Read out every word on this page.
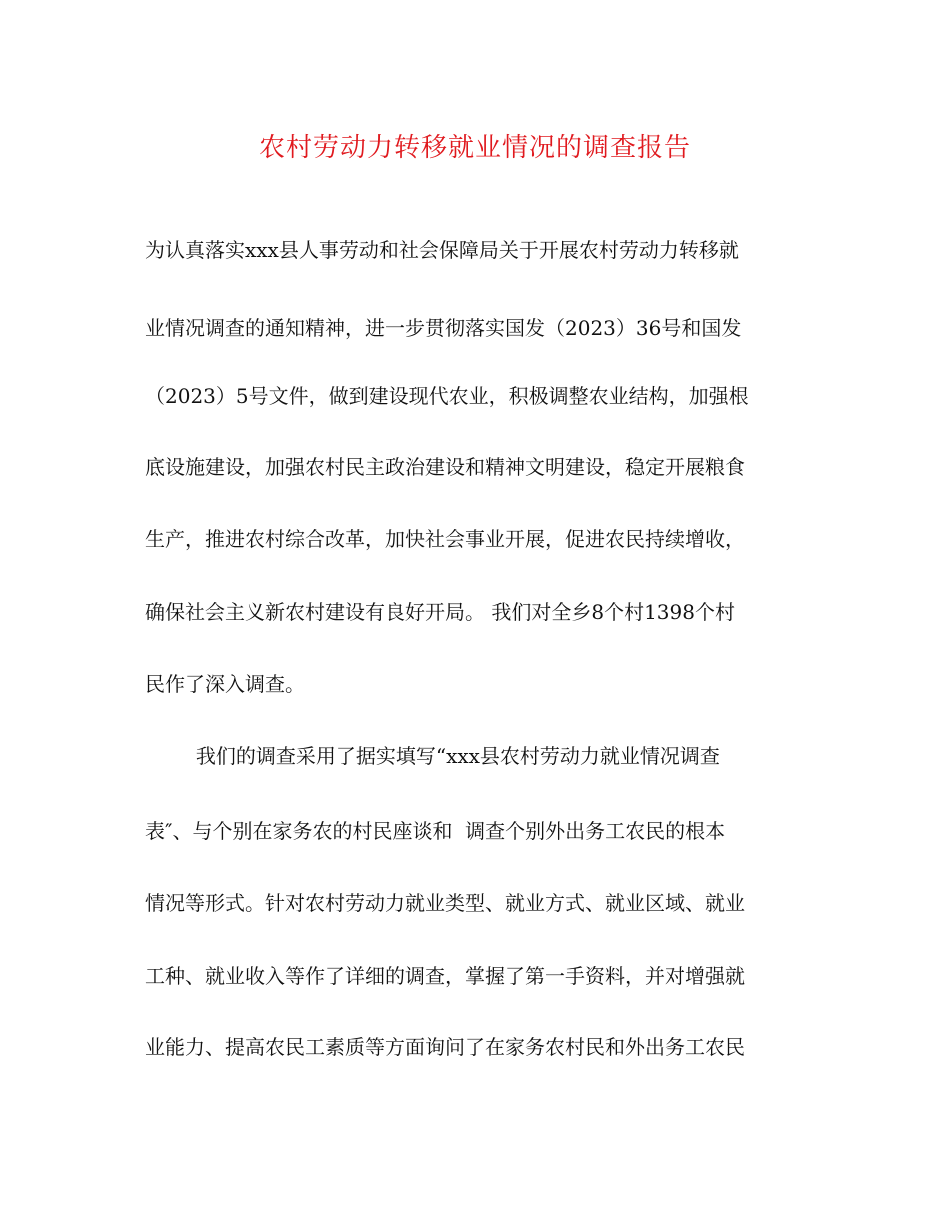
农村劳动力转移就业情况的调查报告

为认真落实xxx县人事劳动和社会保障局关于开展农村劳动力转移就

业情况调查的通知精神，进一步贯彻落实国发（2023）36号和国发

（2023）5号文件，做到建设现代农业，积极调整农业结构，加强根

底设施建设，加强农村民主政治建设和精神文明建设，稳定开展粮食

生产，推进农村综合改革，加快社会事业开展，促进农民持续增收，

确保社会主义新农村建设有良好开局。 我们对全乡8个村1398个村

民作了深入调查。

我们的调查采用了据实填写“xxx县农村劳动力就业情况调查

表″、与个别在家务农的村民座谈和  调查个别外出务工农民的根本

情况等形式。针对农村劳动力就业类型、就业方式、就业区域、就业

工种、就业收入等作了详细的调查，掌握了第一手资料，并对增强就

业能力、提高农民工素质等方面询问了在家务农村民和外出务工农民
